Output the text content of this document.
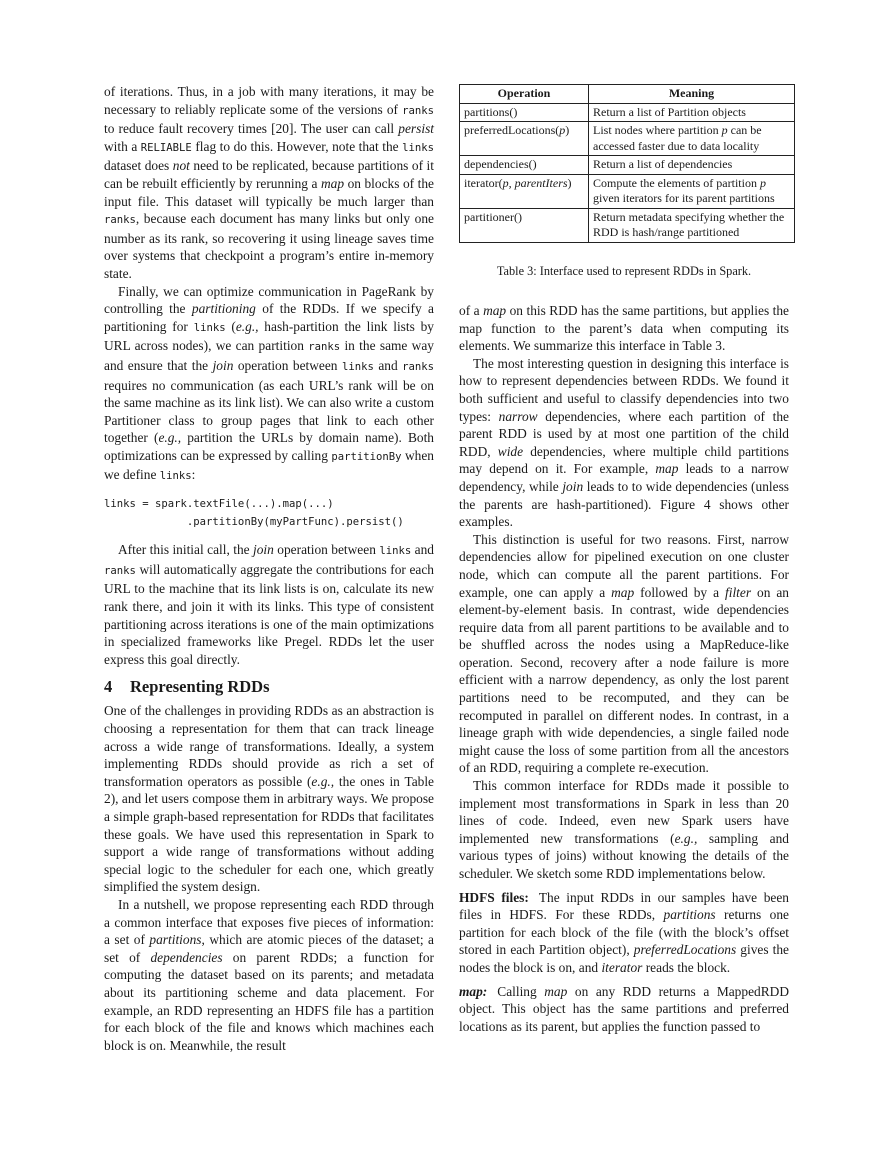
of iterations. Thus, in a job with many iterations, it may be necessary to reliably replicate some of the versions of ranks to reduce fault recovery times [20]. The user can call persist with a RELIABLE flag to do this. However, note that the links dataset does not need to be replicated, because partitions of it can be rebuilt efficiently by rerunning a map on blocks of the input file. This dataset will typically be much larger than ranks, because each document has many links but only one number as its rank, so recovering it using lineage saves time over systems that checkpoint a program’s entire in-memory state.

Finally, we can optimize communication in PageRank by controlling the partitioning of the RDDs. If we specify a partitioning for links (e.g., hash-partition the link lists by URL across nodes), we can partition ranks in the same way and ensure that the join operation between links and ranks requires no communication (as each URL’s rank will be on the same machine as its link list). We can also write a custom Partitioner class to group pages that link to each other together (e.g., partition the URLs by domain name). Both optimizations can be expressed by calling partitionBy when we define links:

links = spark.textFile(...).map(...)
.partitionBy(myPartFunc).persist()

After this initial call, the join operation between links and ranks will automatically aggregate the contributions for each URL to the machine that its link lists is on, calculate its new rank there, and join it with its links. This type of consistent partitioning across iterations is one of the main optimizations in specialized frameworks like Pregel. RDDs let the user express this goal directly.

4 Representing RDDs

One of the challenges in providing RDDs as an abstraction is choosing a representation for them that can track lineage across a wide range of transformations. Ideally, a system implementing RDDs should provide as rich a set of transformation operators as possible (e.g., the ones in Table 2), and let users compose them in arbitrary ways. We propose a simple graph-based representation for RDDs that facilitates these goals. We have used this representation in Spark to support a wide range of transformations without adding special logic to the scheduler for each one, which greatly simplified the system design.

In a nutshell, we propose representing each RDD through a common interface that exposes five pieces of information: a set of partitions, which are atomic pieces of the dataset; a set of dependencies on parent RDDs; a function for computing the dataset based on its parents; and metadata about its partitioning scheme and data placement. For example, an RDD representing an HDFS file has a partition for each block of the file and knows which machines each block is on. Meanwhile, the result

Operation	Meaning
partitions()	Return a list of Partition objects
preferredLocations(p)	List nodes where partition p can be accessed faster due to data locality
dependencies()	Return a list of dependencies
iterator(p, parentIters)	Compute the elements of partition p given iterators for its parent partitions
partitioner()	Return metadata specifying whether the RDD is hash/range partitioned
Table 3: Interface used to represent RDDs in Spark.

of a map on this RDD has the same partitions, but applies the map function to the parent’s data when computing its elements. We summarize this interface in Table 3.

The most interesting question in designing this interface is how to represent dependencies between RDDs. We found it both sufficient and useful to classify dependencies into two types: narrow dependencies, where each partition of the parent RDD is used by at most one partition of the child RDD, wide dependencies, where multiple child partitions may depend on it. For example, map leads to a narrow dependency, while join leads to to wide dependencies (unless the parents are hash-partitioned). Figure 4 shows other examples.

This distinction is useful for two reasons. First, narrow dependencies allow for pipelined execution on one cluster node, which can compute all the parent partitions. For example, one can apply a map followed by a filter on an element-by-element basis. In contrast, wide dependencies require data from all parent partitions to be available and to be shuffled across the nodes using a MapReduce-like operation. Second, recovery after a node failure is more efficient with a narrow dependency, as only the lost parent partitions need to be recomputed, and they can be recomputed in parallel on different nodes. In contrast, in a lineage graph with wide dependencies, a single failed node might cause the loss of some partition from all the ancestors of an RDD, requiring a complete re-execution.

This common interface for RDDs made it possible to implement most transformations in Spark in less than 20 lines of code. Indeed, even new Spark users have implemented new transformations (e.g., sampling and various types of joins) without knowing the details of the scheduler. We sketch some RDD implementations below.

HDFS files: The input RDDs in our samples have been files in HDFS. For these RDDs, partitions returns one partition for each block of the file (with the block’s offset stored in each Partition object), preferredLocations gives the nodes the block is on, and iterator reads the block.

map: Calling map on any RDD returns a MappedRDD object. This object has the same partitions and preferred locations as its parent, but applies the function passed to
